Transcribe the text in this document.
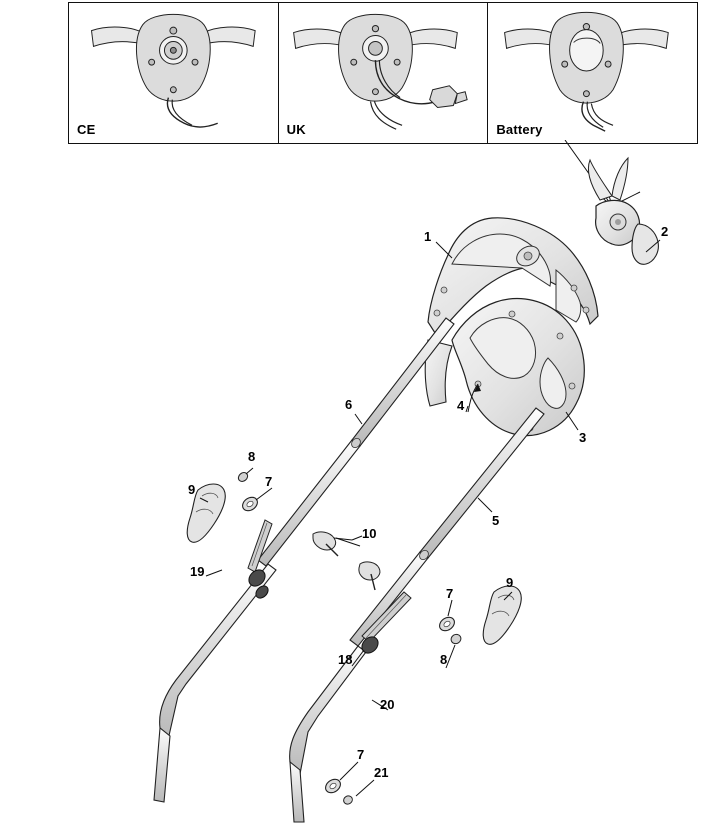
CE	UK	Battery
1	2
3
4
5
6
7
7
7
8
8
9
9
10
18
19
20
21
